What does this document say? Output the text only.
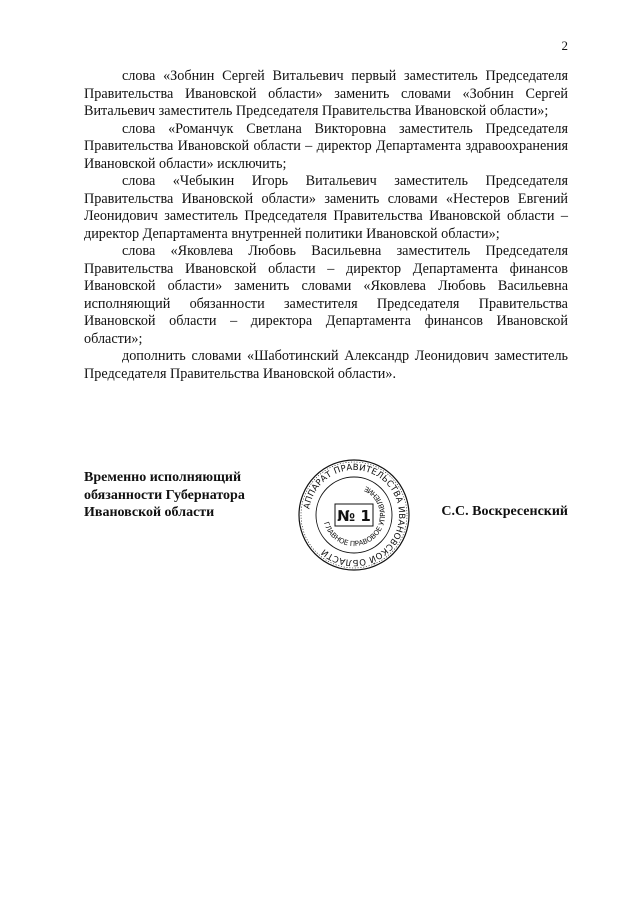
2

слова «Зобнин Сергей Витальевич первый заместитель Председателя Правительства Ивановской области» заменить словами «Зобнин Сергей Витальевич заместитель Председателя Правительства Ивановской области»;

слова «Романчук Светлана Викторовна заместитель Председателя Правительства Ивановской области – директор Департамента здравоохранения Ивановской области» исключить;

слова «Чебыкин Игорь Витальевич заместитель Председателя Правительства Ивановской области» заменить словами «Нестеров Евгений Леонидович заместитель Председателя Правительства Ивановской области – директор Департамента внутренней политики Ивановской области»;

слова «Яковлева Любовь Васильевна заместитель Председателя Правительства Ивановской области – директор Департамента финансов Ивановской области» заменить словами «Яковлева Любовь Васильевна исполняющий обязанности заместителя Председателя Правительства Ивановской области – директора Департамента финансов Ивановской области»;

дополнить словами «Шаботинский Александр Леонидович заместитель Председателя Правительства Ивановской области».

Временно исполняющий
обязанности Губернатора
Ивановской области	АППАРАТ ПРАВИТЕЛЬСТВА ИВАНОВСКОЙ ОБЛАСТИ
ГЛАВНОЕ ПРАВОВОЕ УПРАВЛЕНИЕ
№ 1	С.С. Воскресенский
